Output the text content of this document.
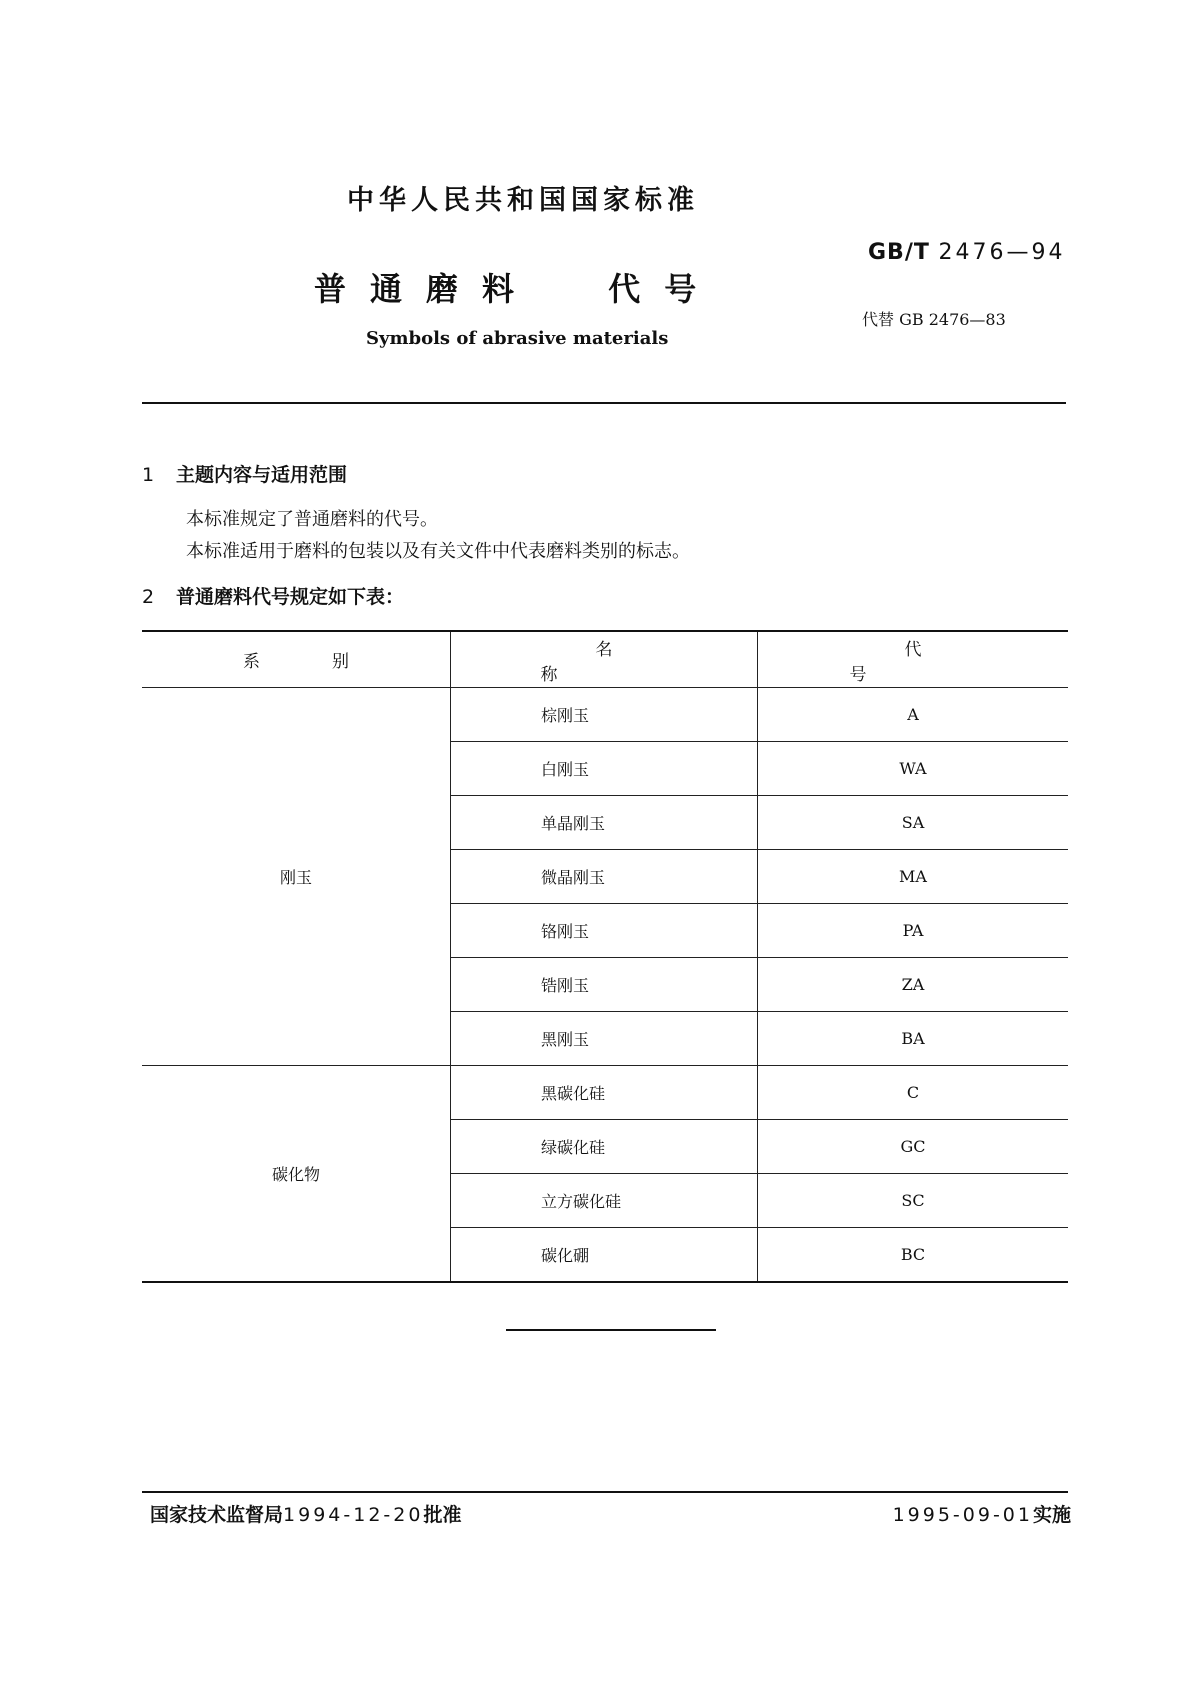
中华人民共和国国家标准
GB/T 2476—94
普通磨料 代号
代替 GB 2476—83
Symbols of abrasive materials
1 主题内容与适用范围
本标准规定了普通磨料的代号。
本标准适用于磨料的包装以及有关文件中代表磨料类别的标志。
2 普通磨料代号规定如下表：
系别	名称	代号
刚玉	棕刚玉	A
	白刚玉	WA
	单晶刚玉	SA
	微晶刚玉	MA
	铬刚玉	PA
	锆刚玉	ZA
	黑刚玉	BA
碳化物	黑碳化硅	C
	绿碳化硅	GC
	立方碳化硅	SC
	碳化硼	BC
国家技术监督局1994-12-20批准	1995-09-01实施
